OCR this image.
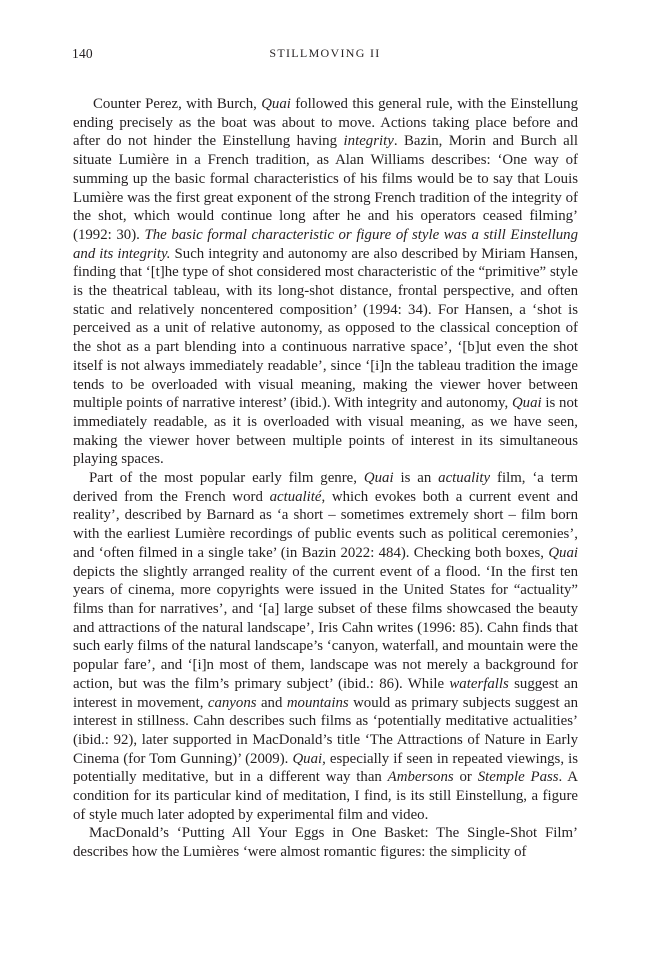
140	STILLMOVING II

Counter Perez, with Burch, Quai followed this general rule, with the Einstellung ending precisely as the boat was about to move. Actions taking place before and after do not hinder the Einstellung having integrity. Bazin, Morin and Burch all situate Lumière in a French tradition, as Alan Williams describes: ‘One way of summing up the basic formal characteristics of his films would be to say that Louis Lumière was the first great exponent of the strong French tradition of the integrity of the shot, which would continue long after he and his operators ceased filming’ (1992: 30). The basic formal characteristic or figure of style was a still Einstellung and its integrity. Such integrity and autonomy are also described by Miriam Hansen, finding that ‘[t]he type of shot considered most characteristic of the “primitive” style is the theatrical tableau, with its long-shot distance, frontal perspective, and often static and relatively noncentered composition’ (1994: 34). For Hansen, a ‘shot is perceived as a unit of relative autonomy, as opposed to the classical conception of the shot as a part blending into a continuous narrative space’, ‘[b]ut even the shot itself is not always immediately readable’, since ‘[i]n the tableau tradition the image tends to be overloaded with visual meaning, making the viewer hover between multiple points of narrative interest’ (ibid.). With integrity and autonomy, Quai is not immediately readable, as it is overloaded with visual meaning, as we have seen, making the viewer hover between multiple points of interest in its simultaneous playing spaces.

Part of the most popular early film genre, Quai is an actuality film, ‘a term derived from the French word actualité, which evokes both a current event and reality’, described by Barnard as ‘a short – sometimes extremely short – film born with the earliest Lumière recordings of public events such as political ceremonies’, and ‘often filmed in a single take’ (in Bazin 2022: 484). Checking both boxes, Quai depicts the slightly arranged reality of the current event of a flood. ‘In the first ten years of cinema, more copyrights were issued in the United States for “actuality” films than for narratives’, and ‘[a] large subset of these films showcased the beauty and attractions of the natural landscape’, Iris Cahn writes (1996: 85). Cahn finds that such early films of the natural landscape’s ‘canyon, waterfall, and mountain were the popular fare’, and ‘[i]n most of them, landscape was not merely a background for action, but was the film’s primary subject’ (ibid.: 86). While waterfalls suggest an interest in movement, canyons and mountains would as primary subjects suggest an interest in stillness. Cahn describes such films as ‘potentially meditative actualities’ (ibid.: 92), later supported in MacDonald’s title ‘The Attractions of Nature in Early Cinema (for Tom Gunning)’ (2009). Quai, especially if seen in repeated viewings, is potentially meditative, but in a different way than Ambersons or Stemple Pass. A condition for its particular kind of meditation, I find, is its still Einstellung, a figure of style much later adopted by experimental film and video.

MacDonald’s ‘Putting All Your Eggs in One Basket: The Single-Shot Film’ describes how the Lumières ‘were almost romantic figures: the simplicity of
